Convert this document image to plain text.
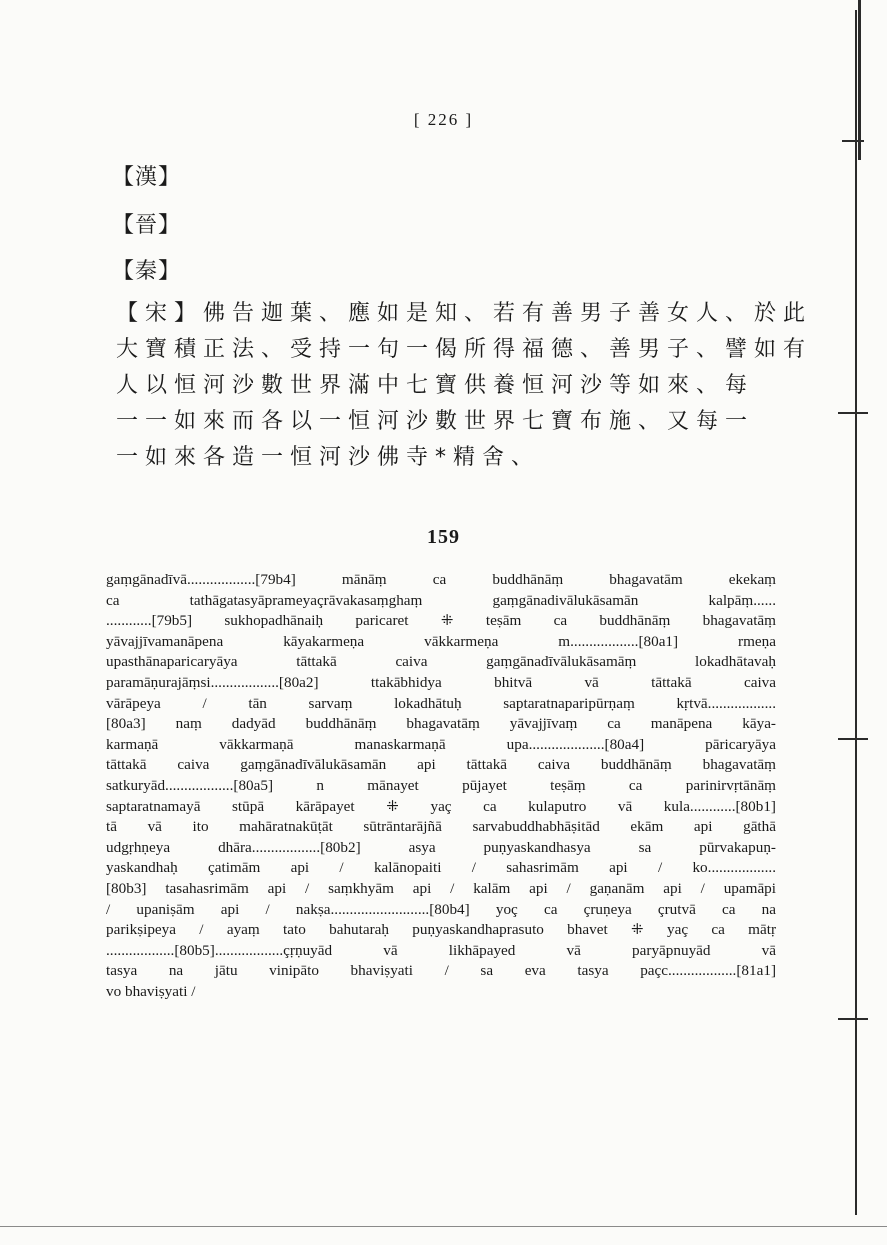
[ 226 ]
【漢】
【晉】
【秦】
【宋】佛告迦葉、應如是知、若有善男子善女人、於此
大寶積正法、受持一句一偈所得福德、善男子、譬如有
人以恒河沙數世界滿中七寶供養恒河沙等如來、每
一一如來而各以一恒河沙數世界七寶布施、又每一
一如來各造一恒河沙佛寺*精舍、
159
gaṃgānadīvā..................[79b4] mānāṃ ca buddhānāṃ bhagavatām ekekaṃ
ca tathāgatasyāprameyaçrāvakasaṃghaṃ gaṃgānadivālukāsamān kalpāṃ......
............[79b5] sukhopadhānaiḥ paricaret ⁜ teṣām ca buddhānāṃ bhagavatāṃ
yāvajjīvamanāpena kāyakarmeṇa vākkarmeṇa m..................[80a1] rmeṇa
upasthānaparicaryāya tāttakā caiva gaṃgānadīvālukāsamāṃ lokadhātavaḥ
paramāṇurajāṃsi..................[80a2] ttakābhidya bhitvā vā tāttakā caiva
vārāpeya / tān sarvaṃ lokadhātuḥ saptaratnaparipūrṇaṃ kṛtvā..................
[80a3] naṃ dadyād buddhānāṃ bhagavatāṃ yāvajjīvaṃ ca manāpena kāya-
karmaṇā vākkarmaṇā manaskarmaṇā upa....................[80a4] pāricaryāya
tāttakā caiva gaṃgānadīvālukāsamān api tāttakā caiva buddhānāṃ bhagavatāṃ
satkuryād..................[80a5] n mānayet pūjayet teṣāṃ ca parinirvṛtānāṃ
saptaratnamayā stūpā kārāpayet ⁜ yaç ca kulaputro vā kula............[80b1]
tā vā ito mahāratnakūṭāt sūtrāntarājñā sarvabuddhabhāṣitād ekām api gāthā
udgṛhṇeya dhāra..................[80b2] asya puṇyaskandhasya sa pūrvakapuṇ-
yaskandhaḥ çatimām api / kalānopaiti / sahasrimām api / ko..................
[80b3] tasahasrimām api / saṃkhyām api / kalām api / gaṇanām api / upamāpi
/ upaniṣām api / nakṣa..........................[80b4] yoç ca çruṇeya çrutvā ca na
parikṣipeya / ayaṃ tato bahutaraḥ puṇyaskandhaprasuto bhavet ⁜ yaç ca mātṛ
..................[80b5]..................çṛṇuyād vā likhāpayed vā paryāpnuyād vā
tasya na jātu vinipāto bhaviṣyati / sa eva tasya paçc..................[81a1]
vo bhaviṣyati /
